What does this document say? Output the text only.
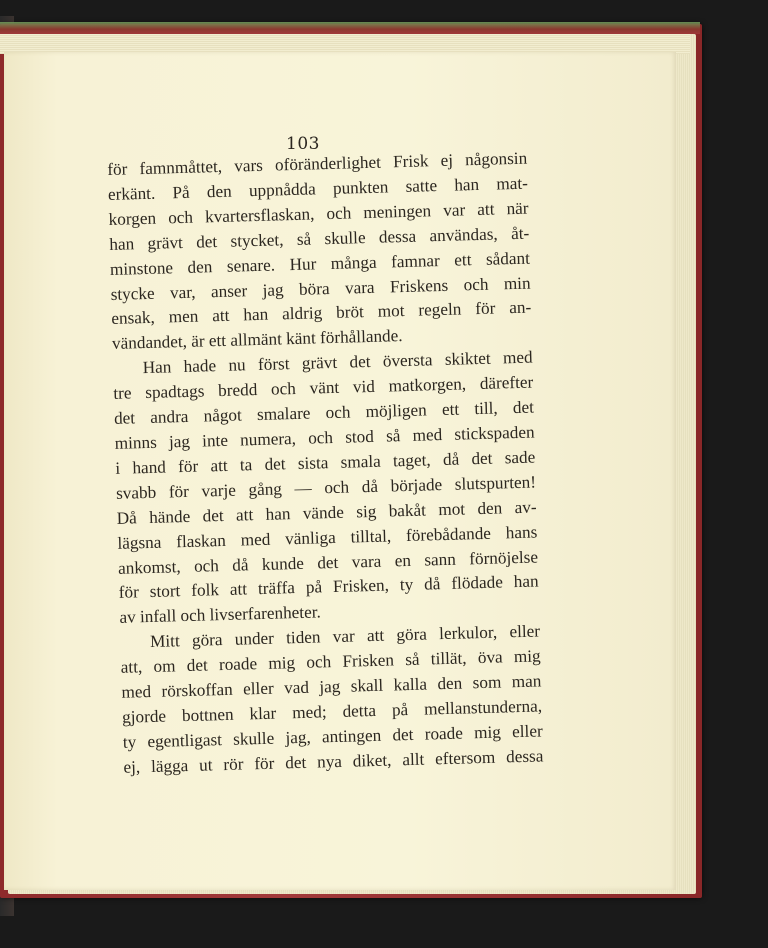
103
för famnmåttet, vars oföränderlighet Frisk ej någonsin
erkänt. På den uppnådda punkten satte han mat-
korgen och kvartersflaskan, och meningen var att när
han grävt det stycket, så skulle dessa användas, åt-
minstone den senare. Hur många famnar ett sådant
stycke var, anser jag böra vara Friskens och min
ensak, men att han aldrig bröt mot regeln för an-
vändandet, är ett allmänt känt förhållande.
Han hade nu först grävt det översta skiktet med
tre spadtags bredd och vänt vid matkorgen, därefter
det andra något smalare och möjligen ett till, det
minns jag inte numera, och stod så med stickspaden
i hand för att ta det sista smala taget, då det sade
svabb för varje gång — och då började slutspurten!
Då hände det att han vände sig bakåt mot den av-
lägsna flaskan med vänliga tilltal, förebådande hans
ankomst, och då kunde det vara en sann förnöjelse
för stort folk att träffa på Frisken, ty då flödade han
av infall och livserfarenheter.
Mitt göra under tiden var att göra lerkulor, eller
att, om det roade mig och Frisken så tillät, öva mig
med rörskoffan eller vad jag skall kalla den som man
gjorde bottnen klar med; detta på mellanstunderna,
ty egentligast skulle jag, antingen det roade mig eller
ej, lägga ut rör för det nya diket, allt eftersom dessa
